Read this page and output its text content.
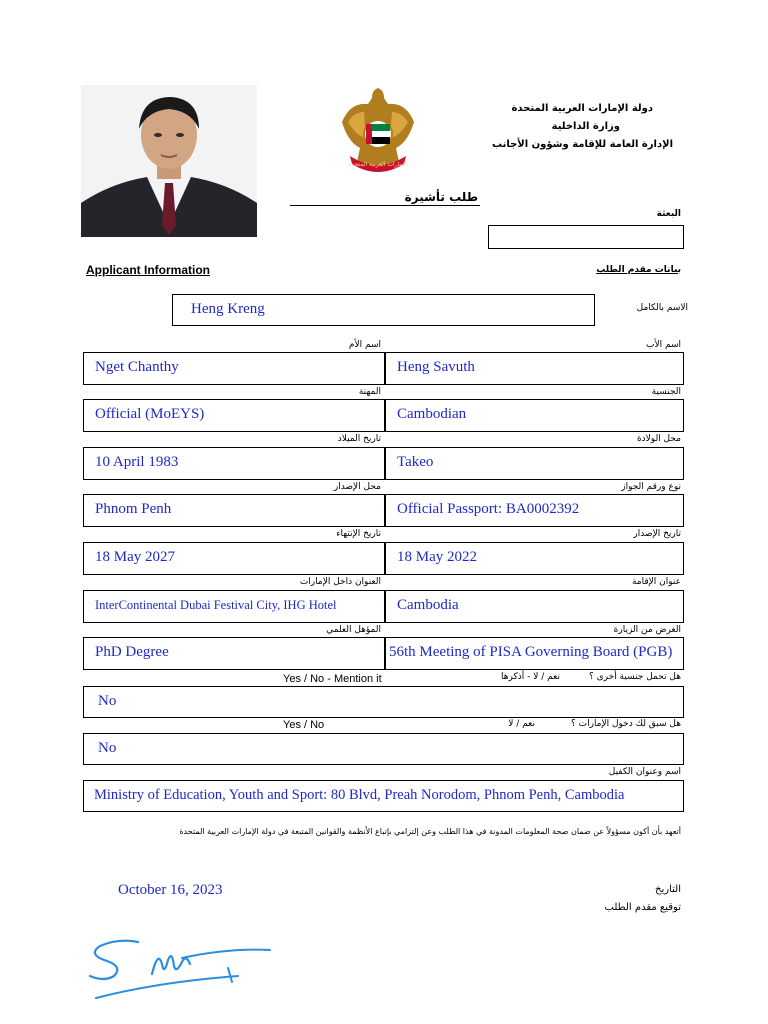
الإمارات العربية المتحدة
دولة الإمارات العربية المتحدة
وزارة الداخلية
الإدارة العامة للإقامة وشؤون الأجانب
طلب تأشيرة
البعثة
Applicant Information	بيانات مقدم الطلب
Heng Kreng	الاسم بالكامل
اسم الأب
اسم الأم
Nget Chanthy	Heng Savuth
الجنسية
المهنة
Official (MoEYS)	Cambodian
محل الولادة
تاريخ الميلاد
10 April 1983	Takeo
نوع ورقم الجواز
محل الإصدار
Phnom Penh	Official Passport: BA0002392
تاريخ الإصدار
تاريخ الإنتهاء
18 May 2027	18 May 2022
عنوان الإقامة
العنوان داخل الإمارات
InterContinental Dubai Festival City, IHG Hotel	Cambodia
الغرض من الزيارة
المؤهل العلمي
PhD Degree	56th Meeting of PISA Governing Board (PGB)
هل تحمل جنسية أخرى ؟
نعم / لا - أذكرها
Yes / No - Mention it
No
هل سبق لك دخول الإمارات ؟
نعم / لا
Yes / No
No
اسم وعنوان الكفيل
Ministry of Education, Youth and Sport: 80 Blvd, Preah Norodom, Phnom Penh, Cambodia
أتعهد بأن أكون مسؤولاً عن ضمان صحة المعلومات المدونة في هذا الطلب وعن إلتزامي بإتباع الأنظمة والقوانين المتبعة في دولة الإمارات العربية المتحدة
October 16, 2023	التاريخ
توقيع مقدم الطلب
